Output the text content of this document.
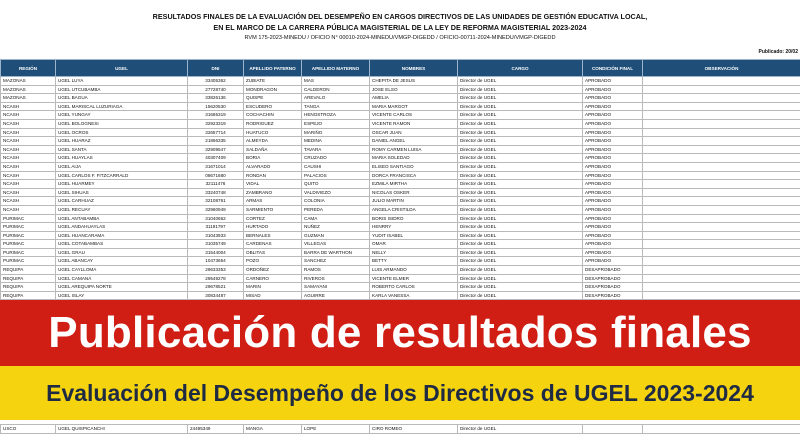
RESULTADOS FINALES DE LA EVALUACIÓN DEL DESEMPEÑO EN CARGOS DIRECTIVOS DE LAS UNIDADES DE GESTIÓN EDUCATIVA LOCAL,
EN EL MARCO DE LA CARRERA PÚBLICA MAGISTERIAL DE LA LEY DE REFORMA MAGISTERIAL 2023-2024
RVM 175-2023-MINEDU / OFICIO N° 00010-2024-MINEDU/VMGP-DIGEDD / OFICIO-00711-2024-MINEDU/VMGP-DIGEDD
Publicado: 20/02
REGIÓN	UGEL	DNI	APELLIDO PATERNO	APELLIDO MATERNO	NOMBRES	CARGO	CONDICIÓN FINAL	OBSERVACIÓN
MAZONAS	UGEL LUYA	33405362	ZUBIATE	MAS	CHEPITA DE JESUS	Director de UGEL	APROBADO	
MAZONAS	UGEL UTCUBAMBA	27728740	MONDRAGON	CALDERON	JOSE ELSO	Director de UGEL	APROBADO	
MAZONAS	UGEL BAGUA	33826136	QUISPE	AREVALO	AMELIA	Director de UGEL	APROBADO	
NCASH	UGEL MARISCAL LUZURIAGA	15620530	ESCUDERO	TANGA	MARIA MARGOT	Director de UGEL	APROBADO	
NCASH	UGEL YUNGAY	31665319	COCHACHIN	HENOSTROZA	VICENTE CARLOS	Director de UGEL	APROBADO	
NCASH	UGEL BOLOGNESI	32923319	RODRIGUEZ	ESPEJO	VICENTE RAMON	Director de UGEL	APROBADO	
NCASH	UGEL OCROS	32657714	HUATUCO	MARIÑO	OSCAR JUAN	Director de UGEL	APROBADO	
NCASH	UGEL HUARAZ	21866335	ALMEYDA	MEDINA	DANIEL ANGEL	Director de UGEL	APROBADO	
NCASH	UGEL SANTA	32909547	SALDAÑA	TAVARA	ROMY CARMEN LUISA	Director de UGEL	APROBADO	
NCASH	UGEL HUAYLAS	40307409	BORIA	CRUZADO	MARIA SOLEDAD	Director de UGEL	APROBADO	
NCASH	UGEL AIJA	31671014	ALVARADO	CAUSHI	ELISEO SANTIAGO	Director de UGEL	APROBADO	
NCASH	UGEL CARLOS F. FITZCARRALD	08671680	RONDAN	PALACIOS	DORCA FRANCISCA	Director de UGEL	APROBADO	
NCASH	UGEL HUARMEY	32111476	VIDAL	QUITO	EZMILA MIRTHA	Director de UGEL	APROBADO	
NCASH	UGEL SIHUAS	33240748	ZAMBRANO	VALDIVIEZO	NICOLAS OSKER	Director de UGEL	APROBADO	
NCASH	UGEL CARHUAZ	32108761	ARMAS	COLONIA	JULIO MARTIN	Director de UGEL	APROBADO	
NCASH	UGEL RECUAY	32960949	SARMIENTO	PEREDA	ANGELA CRISTILDA	Director de UGEL	APROBADO	
PURIMAC	UGEL ANTABAMBA	31040662	CORTEZ	CAMA	BORIS ISIDRO	Director de UGEL	APROBADO	
PURIMAC	UGEL ANDAHUAYLAS	31191797	HURTADO	NUÑEZ	HENRRY	Director de UGEL	APROBADO	
PURIMAC	UGEL HUANCARAMA	31043933	BERNALES	GUZMAN	YUDIT ISABEL	Director de UGEL	APROBADO	
PURIMAC	UGEL COTABAMBAS	31035749	CARDENAS	VILLEGAS	OMAR	Director de UGEL	APROBADO	
PURIMAC	UGEL GRAU	31544004	OBLITAS	BARRA DE WARTHON	NELLY	Director de UGEL	APROBADO	
PURIMAC	UGEL ABANCAY	10473654	POZO	SANCHEZ	BETTY	Director de UGEL	APROBADO	
REQUIPA	UGEL CAYLLOMA	29633353	ORDOÑEZ	RAMOS	LUIS ARMANDO	Director de UGEL	DESAPROBADO	
REQUIPA	UGEL CAMANÁ	29549278	CARNERO	RIVEROS	VICENTE ELMER	Director de UGEL	DESAPROBADO	
REQUIPA	UGEL AREQUIPA NORTE	29678521	MARIN	SAMAYANI	ROBERTO CARLOS	Director de UGEL	DESAPROBADO	
REQUIPA	UGEL ISLAY	30834487	MISAD	AGUIRRE	KARLA VANESSA	Director de UGEL	DESAPROBADO	

USCO	UGEL QUISPICANCHI	24495349	MANGA	LOPE	CIRO ROMEO	Director de UGEL		
Publicación de resultados finales
Evaluación del Desempeño de los Directivos de UGEL 2023-2024
